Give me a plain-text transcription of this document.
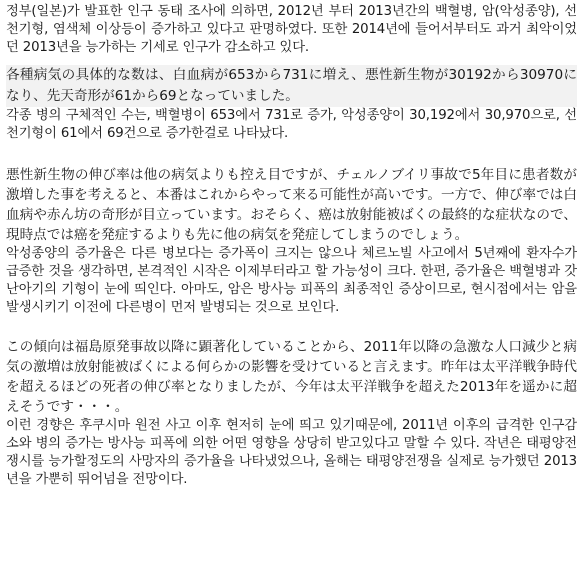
정부(일본)가 발표한 인구 동태 조사에 의하면, 2012년 부터 2013년간의 백혈병, 암(악성종양), 선천기형, 염색체 이상등이 증가하고 있다고 판명하였다. 또한 2014년에 들어서부터도 과거 최악이었던 2013년을 능가하는 기세로 인구가 감소하고 있다.

各種病気の具体的な数は、白血病が653から731に増え、悪性新生物が30192から30970になり、先天奇形が61から69となっていました。

각종 병의 구체적인 수는, 백혈병이 653에서 731로 증가, 악성종양이 30,192에서 30,970으로, 선천기형이 61에서 69건으로 증가한걸로 나타났다.

悪性新生物の伸び率は他の病気よりも控え目ですが、チェルノブイリ事故で5年目に患者数が激増した事を考えると、本番はこれからやって来る可能性が高いです。一方で、伸び率では白血病や赤ん坊の奇形が目立っています。おそらく、癌は放射能被ばくの最終的な症状なので、現時点では癌を発症するよりも先に他の病気を発症してしまうのでしょう。

악성종양의 증가율은 다른 병보다는 증가폭이 크지는 않으나 체르노빌 사고에서 5년째에 환자수가 급증한 것을 생각하면, 본격적인 시작은 이제부터라고 할 가능성이 크다. 한편, 증가율은 백혈병과 갓난아기의 기형이 눈에 띄인다. 아마도, 암은 방사능 피폭의 최종적인 증상이므로, 현시점에서는 암을 발생시키기 이전에 다른병이 먼저 발병되는 것으로 보인다.

この傾向は福島原発事故以降に顕著化していることから、2011年以降の急激な人口減少と病気の激増は放射能被ばくによる何らかの影響を受けていると言えます。昨年は太平洋戦争時代を超えるほどの死者の伸び率となりましたが、今年は太平洋戦争を超えた2013年を遥かに超えそうです・・・。

이런 경향은 후쿠시마 원전 사고 이후 현저히 눈에 띄고 있기때문에, 2011년 이후의 급격한 인구감소와 병의 증가는 방사능 피폭에 의한 어떤 영향을 상당히 받고있다고 말할 수 있다. 작년은 태평양전쟁시를 능가할정도의 사망자의 증가율을 나타냈었으나, 올해는 태평양전쟁을 실제로 능가했던 2013년을 가뿐히 뛰어넘을 전망이다.
